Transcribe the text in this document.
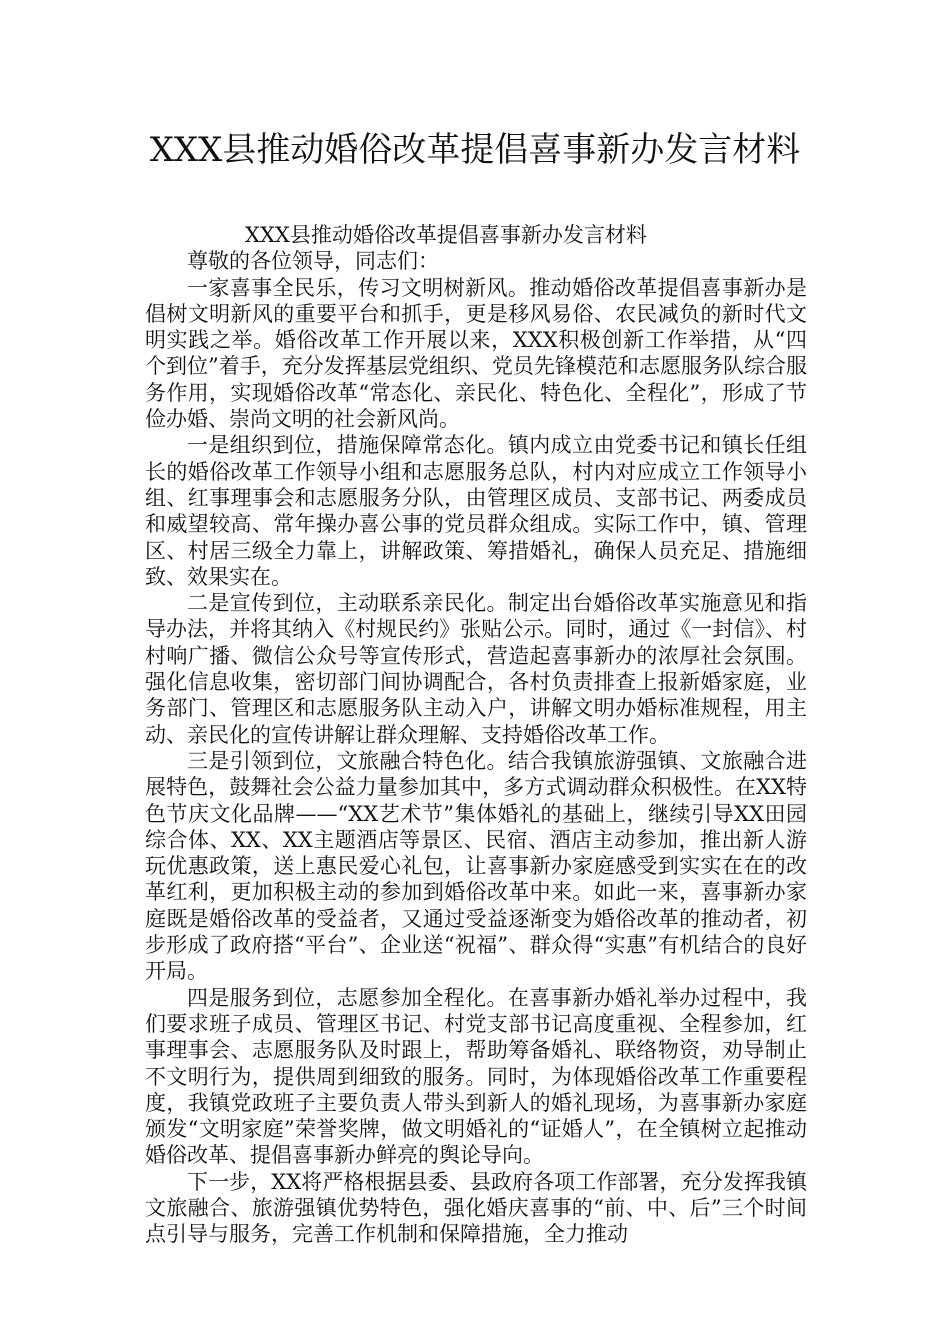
XXX县推动婚俗改革提倡喜事新办发言材料

XXX县推动婚俗改革提倡喜事新办发言材料

尊敬的各位领导，同志们：

一家喜事全民乐，传习文明树新风。推动婚俗改革提倡喜事新办是倡树文明新风的重要平台和抓手，更是移风易俗、农民减负的新时代文明实践之举。婚俗改革工作开展以来，XXX积极创新工作举措，从“四个到位”着手，充分发挥基层党组织、党员先锋模范和志愿服务队综合服务作用，实现婚俗改革“常态化、亲民化、特色化、全程化”，形成了节俭办婚、崇尚文明的社会新风尚。

一是组织到位，措施保障常态化。镇内成立由党委书记和镇长任组长的婚俗改革工作领导小组和志愿服务总队，村内对应成立工作领导小组、红事理事会和志愿服务分队，由管理区成员、支部书记、两委成员和威望较高、常年操办喜公事的党员群众组成。实际工作中，镇、管理区、村居三级全力靠上，讲解政策、筹措婚礼，确保人员充足、措施细致、效果实在。

二是宣传到位，主动联系亲民化。制定出台婚俗改革实施意见和指导办法，并将其纳入《村规民约》张贴公示。同时，通过《一封信》、村村响广播、微信公众号等宣传形式，营造起喜事新办的浓厚社会氛围。强化信息收集，密切部门间协调配合，各村负责排查上报新婚家庭，业务部门、管理区和志愿服务队主动入户，讲解文明办婚标准规程，用主动、亲民化的宣传讲解让群众理解、支持婚俗改革工作。

三是引领到位，文旅融合特色化。结合我镇旅游强镇、文旅融合进展特色，鼓舞社会公益力量参加其中，多方式调动群众积极性。在XX特色节庆文化品牌——“XX艺术节”集体婚礼的基础上，继续引导XX田园综合体、XX、XX主题酒店等景区、民宿、酒店主动参加，推出新人游玩优惠政策，送上惠民爱心礼包，让喜事新办家庭感受到实实在在的改革红利，更加积极主动的参加到婚俗改革中来。如此一来，喜事新办家庭既是婚俗改革的受益者，又通过受益逐渐变为婚俗改革的推动者，初步形成了政府搭“平台”、企业送“祝福”、群众得“实惠”有机结合的良好开局。

四是服务到位，志愿参加全程化。在喜事新办婚礼举办过程中，我们要求班子成员、管理区书记、村党支部书记高度重视、全程参加，红事理事会、志愿服务队及时跟上，帮助筹备婚礼、联络物资，劝导制止不文明行为，提供周到细致的服务。同时，为体现婚俗改革工作重要程度，我镇党政班子主要负责人带头到新人的婚礼现场，为喜事新办家庭颁发“文明家庭”荣誉奖牌，做文明婚礼的“证婚人”，在全镇树立起推动婚俗改革、提倡喜事新办鲜亮的舆论导向。

下一步，XX将严格根据县委、县政府各项工作部署，充分发挥我镇文旅融合、旅游强镇优势特色，强化婚庆喜事的“前、中、后”三个时间点引导与服务，完善工作机制和保障措施，全力推动
